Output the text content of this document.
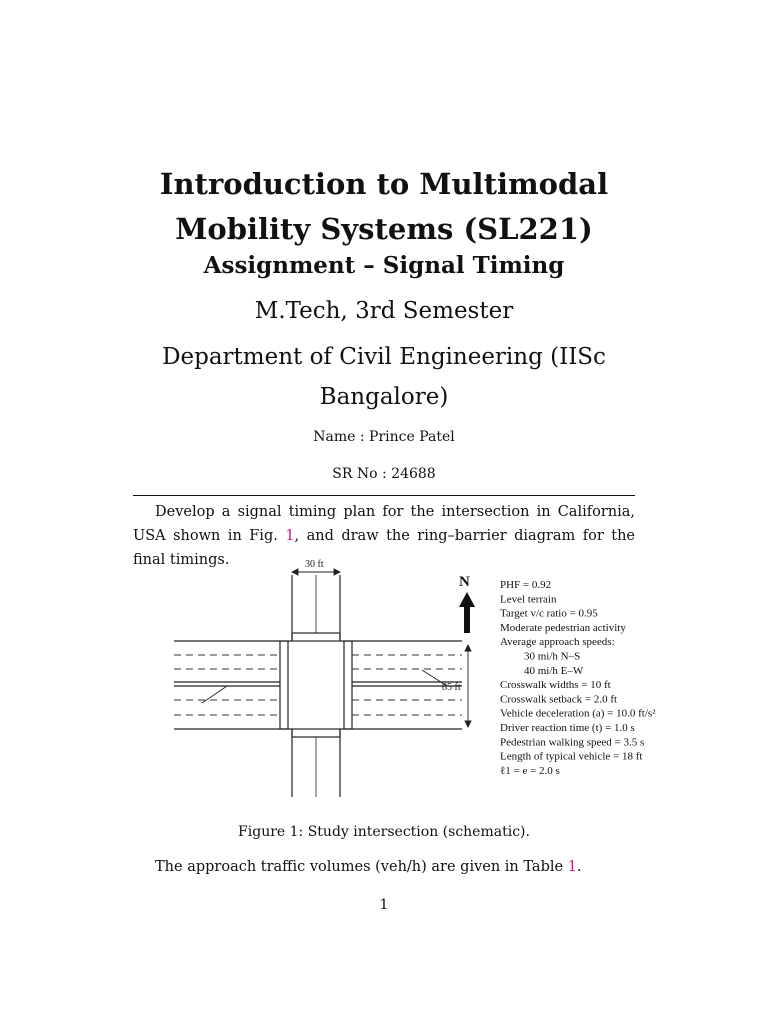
Introduction to Multimodal
Mobility Systems (SL221)
Assignment – Signal Timing
M.Tech, 3rd Semester
Department of Civil Engineering (IISc
Bangalore)
Name : Prince Patel
SR No : 24688
Develop a signal timing plan for the intersection in California, USA shown in Fig. 1, and draw the ring–barrier diagram for the final timings.	30 ft
85 ft
N	PHF = 0.92
Level terrain
Target v/c ratio = 0.95
Moderate pedestrian activity
Average approach speeds:
30 mi/h N–S
40 mi/h E–W
Crosswalk widths = 10 ft
Crosswalk setback = 2.0 ft
Vehicle deceleration (a) = 10.0 ft/s²
Driver reaction time (t) = 1.0 s
Pedestrian walking speed = 3.5 s
Length of typical vehicle = 18 ft
ℓ1 = e = 2.0 s
Figure 1: Study intersection (schematic).
The approach traffic volumes (veh/h) are given in Table 1.
1
